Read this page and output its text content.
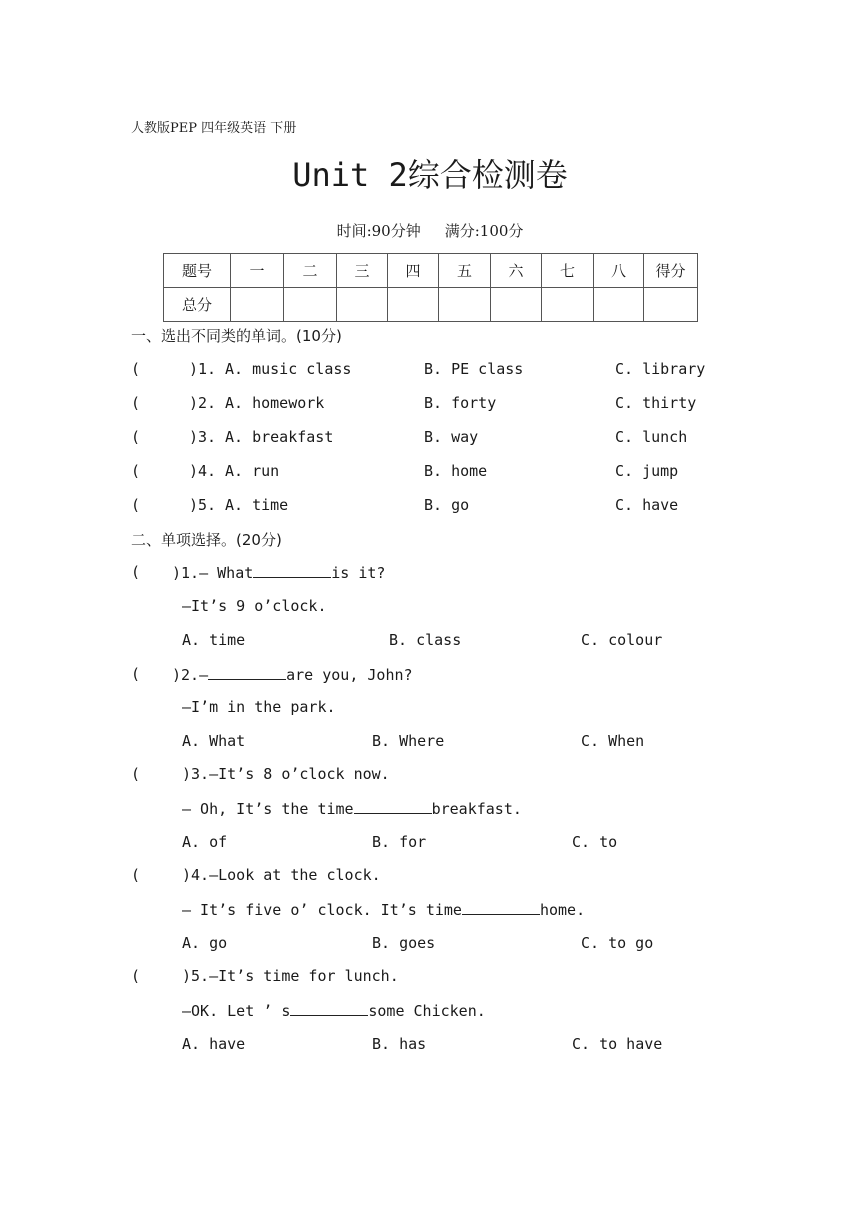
人教版PEP 四年级英语 下册
Unit 2综合检测卷
时间:90分钟 满分:100分
题号	一	二	三	四	五	六	七	八	得分
总分									
一、选出不同类的单词。(10分)
(	)1. A. music class	B. PE class	C. library
(	)2. A. homework	B. forty	C. thirty
(	)3. A. breakfast	B. way	C. lunch
(	)4. A. run	B. home	C. jump
(	)5. A. time	B. go	C. have
二、单项选择。(20分)
( )1.— What	is it?
—It’s 9 o’clock.
A. time	B. class	C. colour
( )2.—	are you, John?
—I’m in the park.
A. What	B. Where	C. When
(	)3.—It’s 8 o’clock now.
— Oh, It’s the time	breakfast.
A. of	B. for	C. to
(	)4.—Look at the clock.
— It’s five o’ clock. It’s time	home.
A. go	B. goes	C. to go
(	)5.—It’s time for lunch.
—OK. Let ’ s	some Chicken.
A. have	B. has	C. to have
